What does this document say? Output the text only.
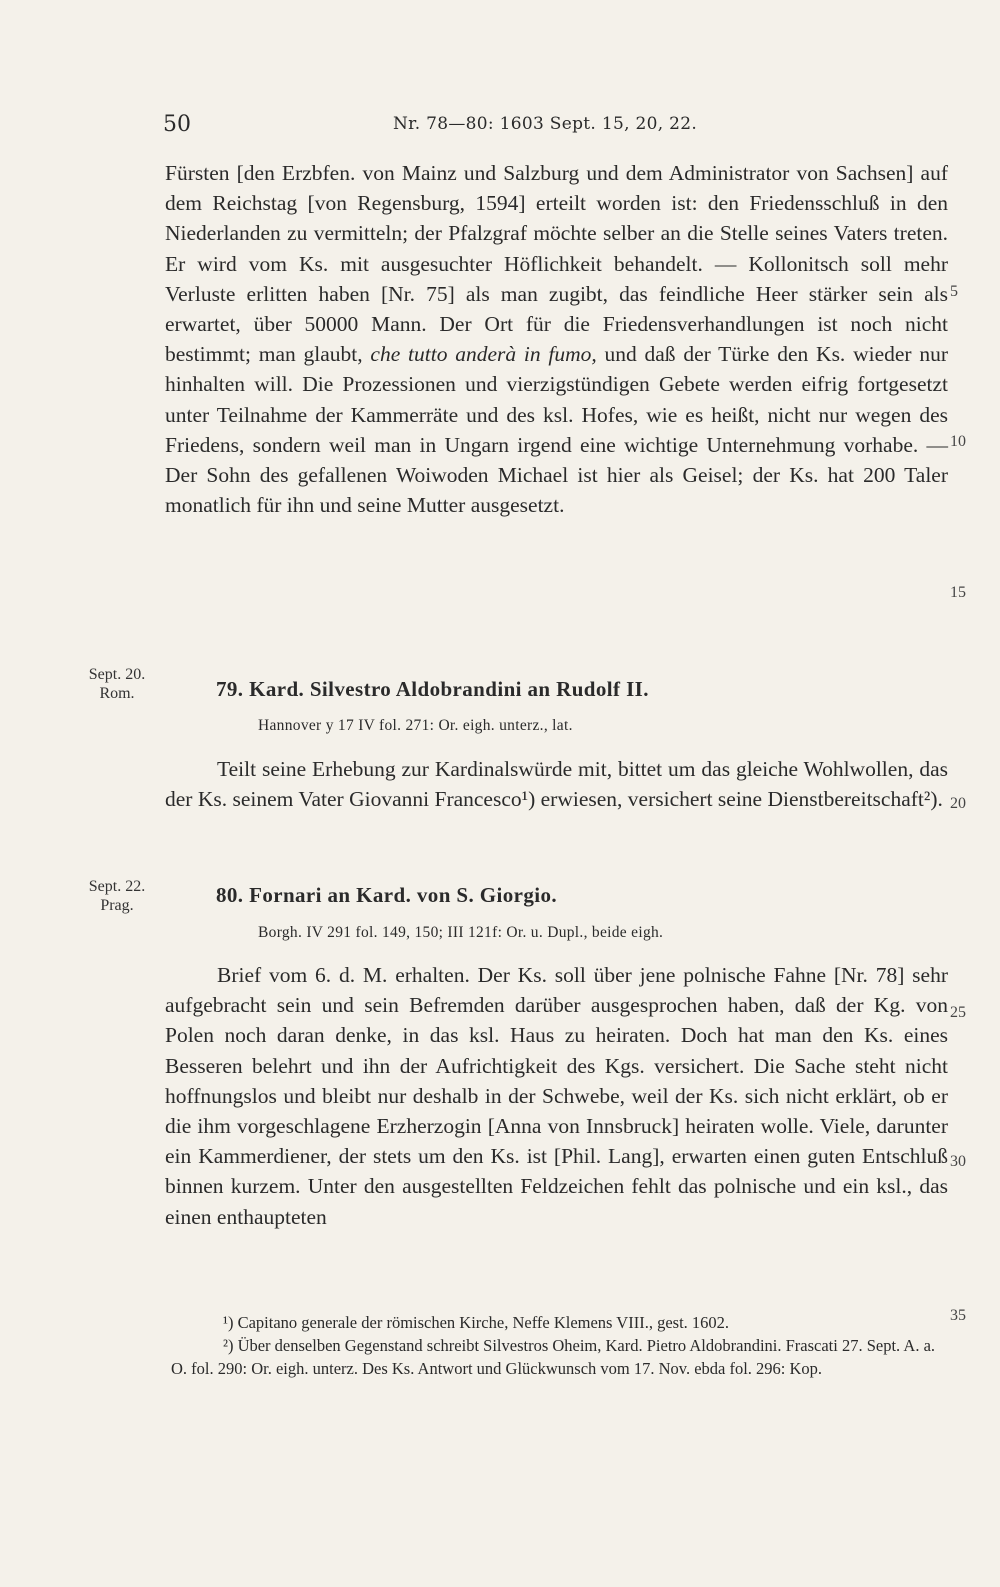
50	Nr. 78—80: 1603 Sept. 15, 20, 22.

Fürsten [den Erzbfen. von Mainz und Salzburg und dem Administrator von Sachsen] auf dem Reichstag [von Regensburg, 1594] erteilt worden ist: den Friedensschluß in den Niederlanden zu vermitteln; der Pfalzgraf möchte selber an die Stelle seines Vaters treten. Er wird vom Ks. mit ausgesuchter Höflichkeit behandelt. — Kollonitsch soll mehr Verluste erlitten haben [Nr. 75] als man zugibt, das feindliche Heer stärker sein als erwartet, über 50000 Mann. Der Ort für die Friedensverhandlungen ist noch nicht bestimmt; man glaubt, che tutto anderà in fumo, und daß der Türke den Ks. wieder nur hinhalten will. Die Prozessionen und vierzigstündigen Gebete werden eifrig fortgesetzt unter Teilnahme der Kammerräte und des ksl. Hofes, wie es heißt, nicht nur wegen des Friedens, sondern weil man in Ungarn irgend eine wichtige Unternehmung vorhabe. — Der Sohn des gefallenen Woiwoden Michael ist hier als Geisel; der Ks. hat 200 Taler monatlich für ihn und seine Mutter ausgesetzt.

5
10
15
20
25
30
35
Sept. 20.
Rom.	79. Kard. Silvestro Aldobrandini an Rudolf II.
Hannover y 17 IV fol. 271: Or. eigh. unterz., lat.

Teilt seine Erhebung zur Kardinalswürde mit, bittet um das gleiche Wohlwollen, das der Ks. seinem Vater Giovanni Francesco¹) erwiesen, versichert seine Dienstbereitschaft²).

Sept. 22.
Prag.	80. Fornari an Kard. von S. Giorgio.
Borgh. IV 291 fol. 149, 150; III 121f: Or. u. Dupl., beide eigh.

Brief vom 6. d. M. erhalten. Der Ks. soll über jene polnische Fahne [Nr. 78] sehr aufgebracht sein und sein Befremden darüber ausgesprochen haben, daß der Kg. von Polen noch daran denke, in das ksl. Haus zu heiraten. Doch hat man den Ks. eines Besseren belehrt und ihn der Aufrichtigkeit des Kgs. versichert. Die Sache steht nicht hoffnungslos und bleibt nur deshalb in der Schwebe, weil der Ks. sich nicht erklärt, ob er die ihm vorgeschlagene Erzherzogin [Anna von Innsbruck] heiraten wolle. Viele, darunter ein Kammerdiener, der stets um den Ks. ist [Phil. Lang], erwarten einen guten Entschluß binnen kurzem. Unter den ausgestellten Feldzeichen fehlt das polnische und ein ksl., das einen enthaupteten

¹) Capitano generale der römischen Kirche, Neffe Klemens VIII., gest. 1602.

²) Über denselben Gegenstand schreibt Silvestros Oheim, Kard. Pietro Aldobrandini. Frascati 27. Sept. A. a. O. fol. 290: Or. eigh. unterz. Des Ks. Antwort und Glückwunsch vom 17. Nov. ebda fol. 296: Kop.
